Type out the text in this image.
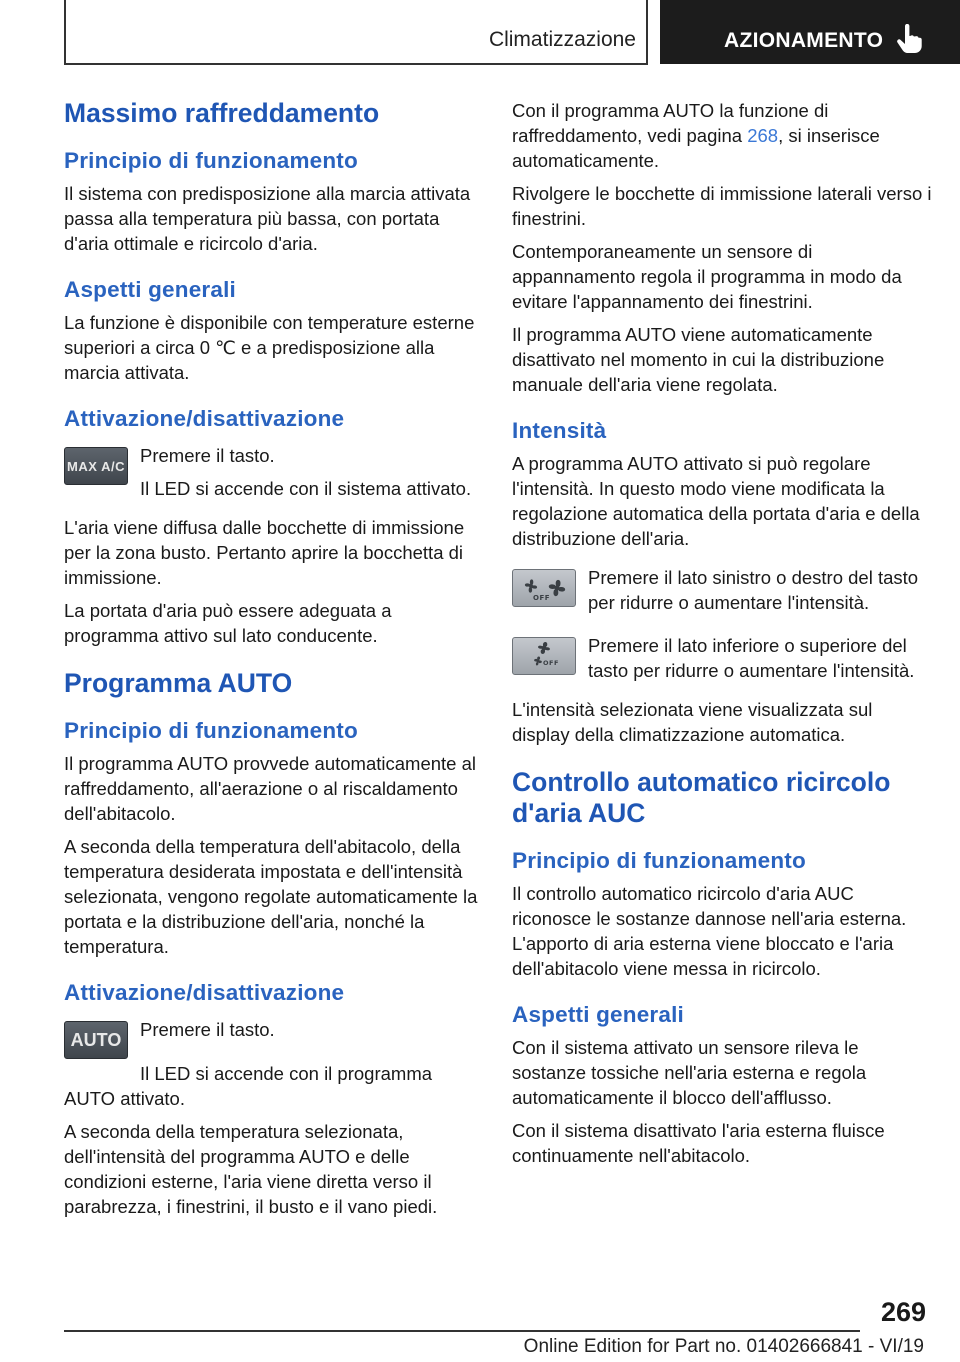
Climatizzazione	AZIONAMENTO
Massimo raffreddamento
Principio di funzionamento

Il sistema con predisposizione alla marcia attivata passa alla temperatura più bassa, con portata d'aria ottimale e ricircolo d'aria.

Aspetti generali

La funzione è disponibile con temperature esterne superiori a circa 0 ℃ e a predisposizione alla marcia attivata.

Attivazione/disattivazione
MAX A/C Premere il tasto.

Il LED si accende con il sistema attivato.

L'aria viene diffusa dalle bocchette di immissione per la zona busto. Pertanto aprire la bocchetta di immissione.

La portata d'aria può essere adeguata a programma attivo sul lato conducente.

Programma AUTO
Principio di funzionamento

Il programma AUTO provvede automaticamente al raffreddamento, all'aerazione o al riscaldamento dell'abitacolo.

A seconda della temperatura dell'abitacolo, della temperatura desiderata impostata e dell'intensità selezionata, vengono regolate automaticamente la portata e la distribuzione dell'aria, nonché la temperatura.

Attivazione/disattivazione
AUTO	Premere il tasto.

Il LED si accende con il programma AUTO attivato.

A seconda della temperatura selezionata, dell'intensità del programma AUTO e delle condizioni esterne, l'aria viene diretta verso il parabrezza, i finestrini, il busto e il vano piedi.

Con il programma AUTO la funzione di raffreddamento, vedi pagina 268, si inserisce automaticamente.

Rivolgere le bocchette di immissione laterali verso i finestrini.

Contemporaneamente un sensore di appannamento regola il programma in modo da evitare l'appannamento dei finestrini.

Il programma AUTO viene automaticamente disattivato nel momento in cui la distribuzione manuale dell'aria viene regolata.

Intensità

A programma AUTO attivato si può regolare l'intensità. In questo modo viene modificata la regolazione automatica della portata d'aria e della distribuzione dell'aria.

OFF

Premere il lato sinistro o destro del tasto per ridurre o aumentare l'intensità.

OFF

Premere il lato inferiore o superiore del tasto per ridurre o aumentare l'intensità.

L'intensità selezionata viene visualizzata sul display della climatizzazione automatica.

Controllo automatico ricircolo d'aria AUC
Principio di funzionamento

Il controllo automatico ricircolo d'aria AUC riconosce le sostanze dannose nell'aria esterna. L'apporto di aria esterna viene bloccato e l'aria dell'abitacolo viene messa in ricircolo.

Aspetti generali

Con il sistema attivato un sensore rileva le sostanze tossiche nell'aria esterna e regola automaticamente il blocco dell'afflusso.

Con il sistema disattivato l'aria esterna fluisce continuamente nell'abitacolo.

269
Online Edition for Part no. 01402666841 - VI/19
